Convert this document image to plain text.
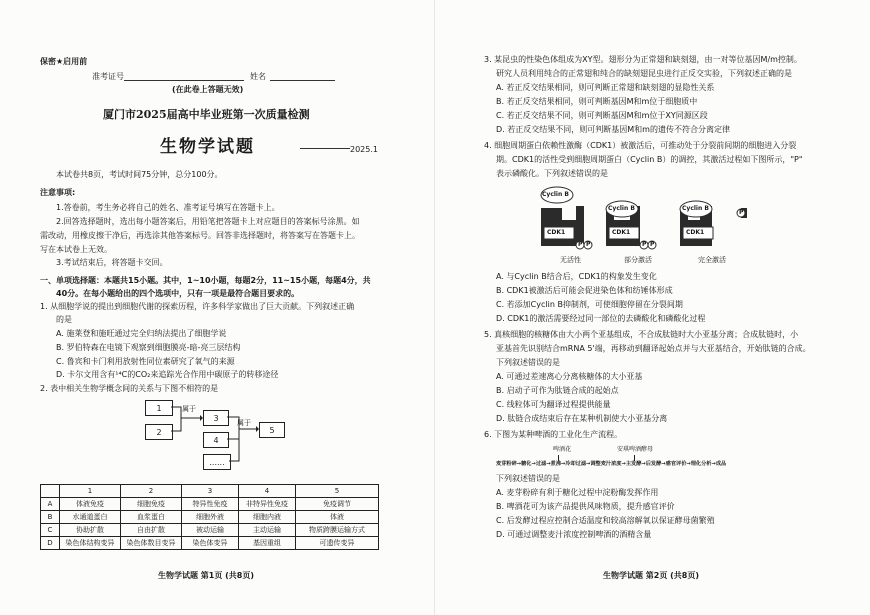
保密★启用前
准考证号	姓名
(在此卷上答题无效)
厦门市2025届高中毕业班第一次质量检测
生物学试题	2025.1
本试卷共8页，考试时间75分钟，总分100分。
注意事项:
1.答卷前，考生务必将自己的姓名、准考证号填写在答题卡上。
2.回答选择题时，选出每小题答案后，用铅笔把答题卡上对应题目的答案标号涂黑。如
需改动，用橡皮擦干净后，再选涂其他答案标号。回答非选择题时，将答案写在答题卡上。
写在本试卷上无效。
3.考试结束后，将答题卡交回。
一、单项选择题：本题共15小题。其中，1~10小题，每题2分，11~15小题，每题4分，共
40分。在每小题给出的四个选项中，只有一项是最符合题目要求的。
1. 从细胞学说的提出到细胞代谢的探索历程，许多科学家做出了巨大贡献。下列叙述正确
的是
A. 施莱登和施旺通过完全归纳法提出了细胞学说
B. 罗伯特森在电镜下观察到细胞膜亮-暗-亮三层结构
C. 鲁宾和卡门利用放射性同位素研究了氧气的来源
D. 卡尔文用含有¹⁴C的CO₂来追踪光合作用中碳原子的转移途径
2. 表中相关生物学概念间的关系与下图不相符的是
1
2
3
4
......
5
属于
属于
	1	2	3	4	5
A	体液免疫	细胞免疫	特异性免疫	非特异性免疫	免疫调节
B	水通道蛋白	血浆蛋白	细胞外液	细胞内液	体液
C	协助扩散	自由扩散	被动运输	主动运输	物质跨膜运输方式
D	染色体结构变异	染色体数目变异	染色体变异	基因重组	可遗传变异
生物学试题 第1页 (共8页)
3. 某昆虫的性染色体组成为XY型。翅形分为正常翅和缺刻翅，由一对等位基因M/m控制。
研究人员利用纯合的正常翅和纯合的缺刻翅昆虫进行正反交实验，下列叙述正确的是
A. 若正反交结果相同，则可判断正常翅和缺刻翅的显隐性关系
B. 若正反交结果相同，则可判断基因M和m位于细胞质中
C. 若正反交结果不同，则可判断基因M和m位于XY同源区段
D. 若正反交结果不同，则可判断基因M和m的遗传不符合分离定律
4. 细胞周期蛋白依赖性激酶（CDK1）被激活后，可推动处于分裂前间期的细胞进入分裂
期。CDK1的活性受到细胞周期蛋白（Cyclin B）的调控，其激活过程如下图所示，"P"
表示磷酸化。下列叙述错误的是
Cyclin B
Cyclin B	Cyclin B
CDK1	CDK1	CDK1
P P	P P
P
无活性	部分激活	完全激活
A. 与Cyclin B结合后，CDK1的构象发生变化
B. CDK1被激活后可能会促进染色体和纺锤体形成
C. 若添加Cyclin B抑制剂，可使细胞停留在分裂间期
D. CDK1的激活需要经过同一部位的去磷酸化和磷酸化过程
5. 真核细胞的核糖体由大小两个亚基组成，不合成肽链时大小亚基分离；合成肽链时，小
亚基首先识别结合mRNA 5'端，再移动到翻译起始点并与大亚基结合，开始肽链的合成。
下列叙述错误的是
A. 可通过差速离心分离核糖体的大小亚基
B. 启动子可作为肽链合成的起始点
C. 线粒体可为翻译过程提供能量
D. 肽链合成结束后存在某种机制使大小亚基分离
6. 下图为某种啤酒的工业化生产流程。
啤酒花	安琪啤酒酵母
麦芽粉碎→糖化→过滤→煮沸→冷却过滤→调整麦汁浓度→主发酵→后发酵→感官评价→理化分析→成品
下列叙述错误的是
A. 麦芽粉碎有利于糖化过程中淀粉酶发挥作用
B. 啤酒花可为该产品提供风味物质，提升感官评价
C. 后发酵过程应控制合适温度和较高溶解氧以保证酵母菌繁殖
D. 可通过调整麦汁浓度控制啤酒的酒精含量
生物学试题 第2页 (共8页)
